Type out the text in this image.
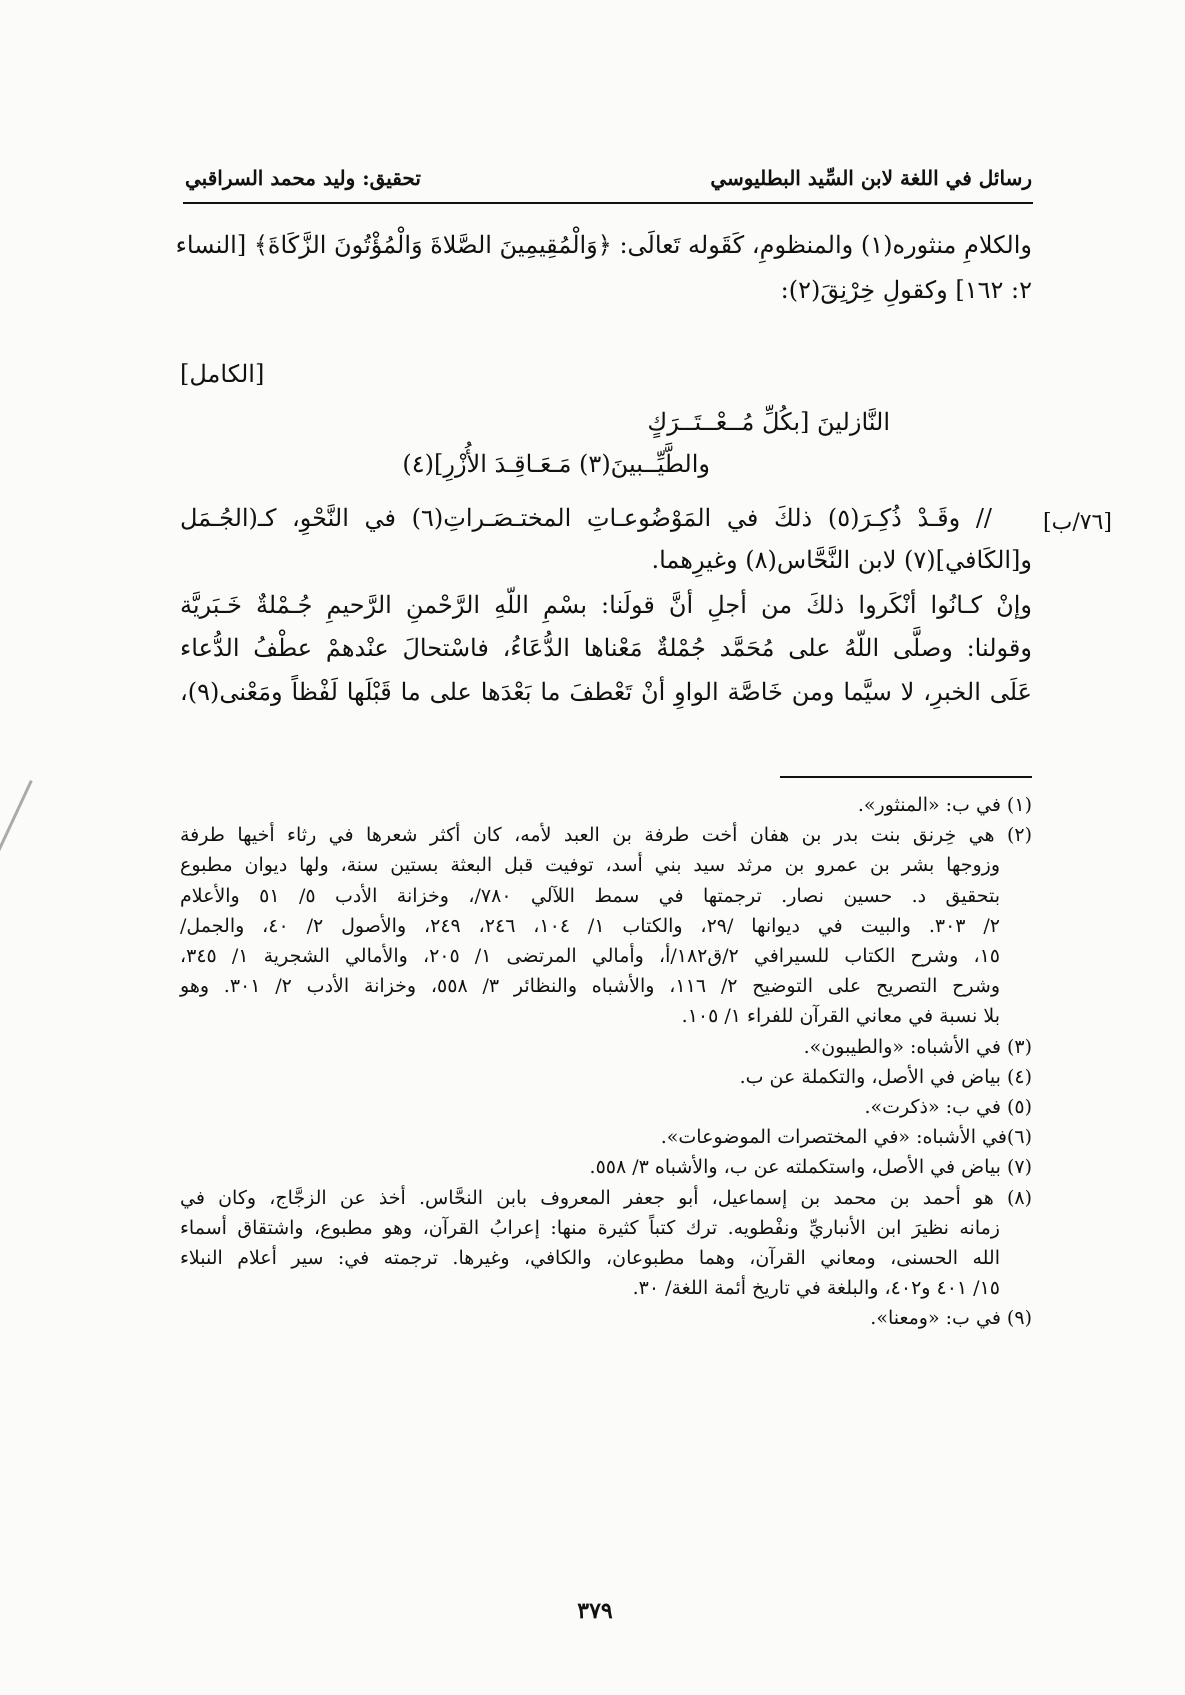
رسائل في اللغة لابن السِّيد البطليوسي
تحقيق: وليد محمد السراقبي
والكلامِ منثوره(١) والمنظومِ، كَقَوله تَعالَى: ﴿وَالْمُقِيمِينَ الصَّلاةَ وَالْمُؤْتُونَ الزَّكَاةَ﴾ [النساء
٢: ١٦٢] وكقولِ خِرْنِقَ(٢):
[الكامل]
النَّازلينَ [بكُلِّ مُــعْــتَــرَكٍ
والطَّيِّــبينَ(٣) مَـعَـاقِـدَ الأُزْرِ](٤)
[٧٦/ب]
// وقَـدْ ذُكِـرَ(٥) ذلكَ في المَوْضُوعـاتِ المختـصَـراتِ(٦) في النَّحْوِ، كـ(الجُـمَل
و[الكَافي](٧) لابن النَّحَّاس(٨) وغيرِهما.
وإنْ كـانُوا أنْكَروا ذلكَ من أجلِ أنَّ قولَنا: بسْمِ اللّهِ الرَّحْمنِ الرَّحيمِ جُـمْلةٌ خَـبَريَّة
وقولنا: وصلَّى اللّهُ على مُحَمَّد جُمْلةٌ مَعْناها الدُّعَاءُ، فاسْتحالَ عنْدهمْ عطْفُ الدُّعاء
عَلَى الخبرِ، لا سيَّما ومن خَاصَّة الواوِ أنْ تَعْطفَ ما بَعْدَها على ما قَبْلَها لَفْظاً ومَعْنى(٩)،
(١) في ب: «المنثور».
(٢) هي خِرنق بنت بدر بن هفان أخت طرفة بن العبد لأمه، كان أكثر شعرها في رثاء أخيها طرفة
وزوجها بشر بن عمرو بن مرثد سيد بني أسد، توفيت قبل البعثة بستين سنة، ولها ديوان مطبوع
بتحقيق د. حسين نصار. ترجمتها في سمط اللآلي ٧٨٠/، وخزانة الأدب ٥/ ٥١ والأعلام
٢/ ٣٠٣. والبيت في ديوانها /٢٩، والكتاب ١/ ١٠٤، ٢٤٦، ٢٤٩، والأصول ٢/ ٤٠، والجمل/
١٥، وشرح الكتاب للسيرافي ٢/ق١٨٢/أ، وأمالي المرتضى ١/ ٢٠٥، والأمالي الشجرية ١/ ٣٤٥،
وشرح التصريح على التوضيح ٢/ ١١٦، والأشباه والنظائر ٣/ ٥٥٨، وخزانة الأدب ٢/ ٣٠١. وهو
بلا نسبة في معاني القرآن للفراء ١/ ١٠٥.
(٣) في الأشباه: «والطيبون».
(٤) بياض في الأصل، والتكملة عن ب.
(٥) في ب: «ذكرت».
(٦)في الأشباه: «في المختصرات الموضوعات».
(٧) بياض في الأصل، واستكملته عن ب، والأشباه ٣/ ٥٥٨.
(٨) هو أحمد بن محمد بن إسماعيل، أبو جعفر المعروف بابن النحَّاس. أخذ عن الزجَّاج، وكان في
زمانه نظيرَ ابن الأنباريِّ ونفْطويه. ترك كتباً كثيرة منها: إعرابُ القرآن، وهو مطبوع، واشتقاق أسماء
الله الحسنى، ومعاني القرآن، وهما مطبوعان، والكافي، وغيرها. ترجمته في: سير أعلام النبلاء
١٥/ ٤٠١ و٤٠٢، والبلغة في تاريخ أئمة اللغة/ ٣٠.
(٩) في ب: «ومعنا».
٣٧٩
